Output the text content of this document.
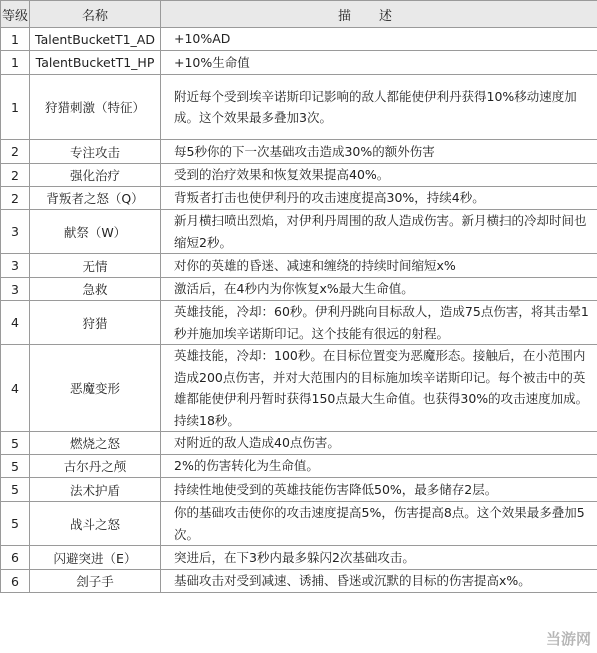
等级	名称	描述
1	TalentBucketT1_AD	+10%AD
1	TalentBucketT1_HP	+10%生命值
1	狩猎刺激（特征）	附近每个受到埃辛诺斯印记影响的敌人都能使伊利丹获得10%移动速度加成。这个效果最多叠加3次。
2	专注攻击	每5秒你的下一次基础攻击造成30%的额外伤害
2	强化治疗	受到的治疗效果和恢复效果提高40%。
2	背叛者之怒（Q）	背叛者打击也使伊利丹的攻击速度提高30%，持续4秒。
3	献祭（W）	新月横扫喷出烈焰，对伊利丹周围的敌人造成伤害。新月横扫的冷却时间也缩短2秒。
3	无情	对你的英雄的昏迷、减速和缠绕的持续时间缩短x%
3	急救	激活后，在4秒内为你恢复x%最大生命值。
4	狩猎	英雄技能，冷却：60秒。伊利丹跳向目标敌人，造成75点伤害，将其击晕1秒并施加埃辛诺斯印记。这个技能有很远的射程。
4	恶魔变形	英雄技能，冷却：100秒。在目标位置变为恶魔形态。接触后，在小范围内造成200点伤害，并对大范围内的目标施加埃辛诺斯印记。每个被击中的英雄都能使伊利丹暂时获得150点最大生命值。也获得30%的攻击速度加成。持续18秒。
5	燃烧之怒	对附近的敌人造成40点伤害。
5	古尔丹之颅	2%的伤害转化为生命值。
5	法术护盾	持续性地使受到的英雄技能伤害降低50%，最多储存2层。
5	战斗之怒	你的基础攻击使你的攻击速度提高5%，伤害提高8点。这个效果最多叠加5次。
6	闪避突进（E）	突进后，在下3秒内最多躲闪2次基础攻击。
6	刽子手	基础攻击对受到减速、诱捕、昏迷或沉默的目标的伤害提高x%。
当游网
